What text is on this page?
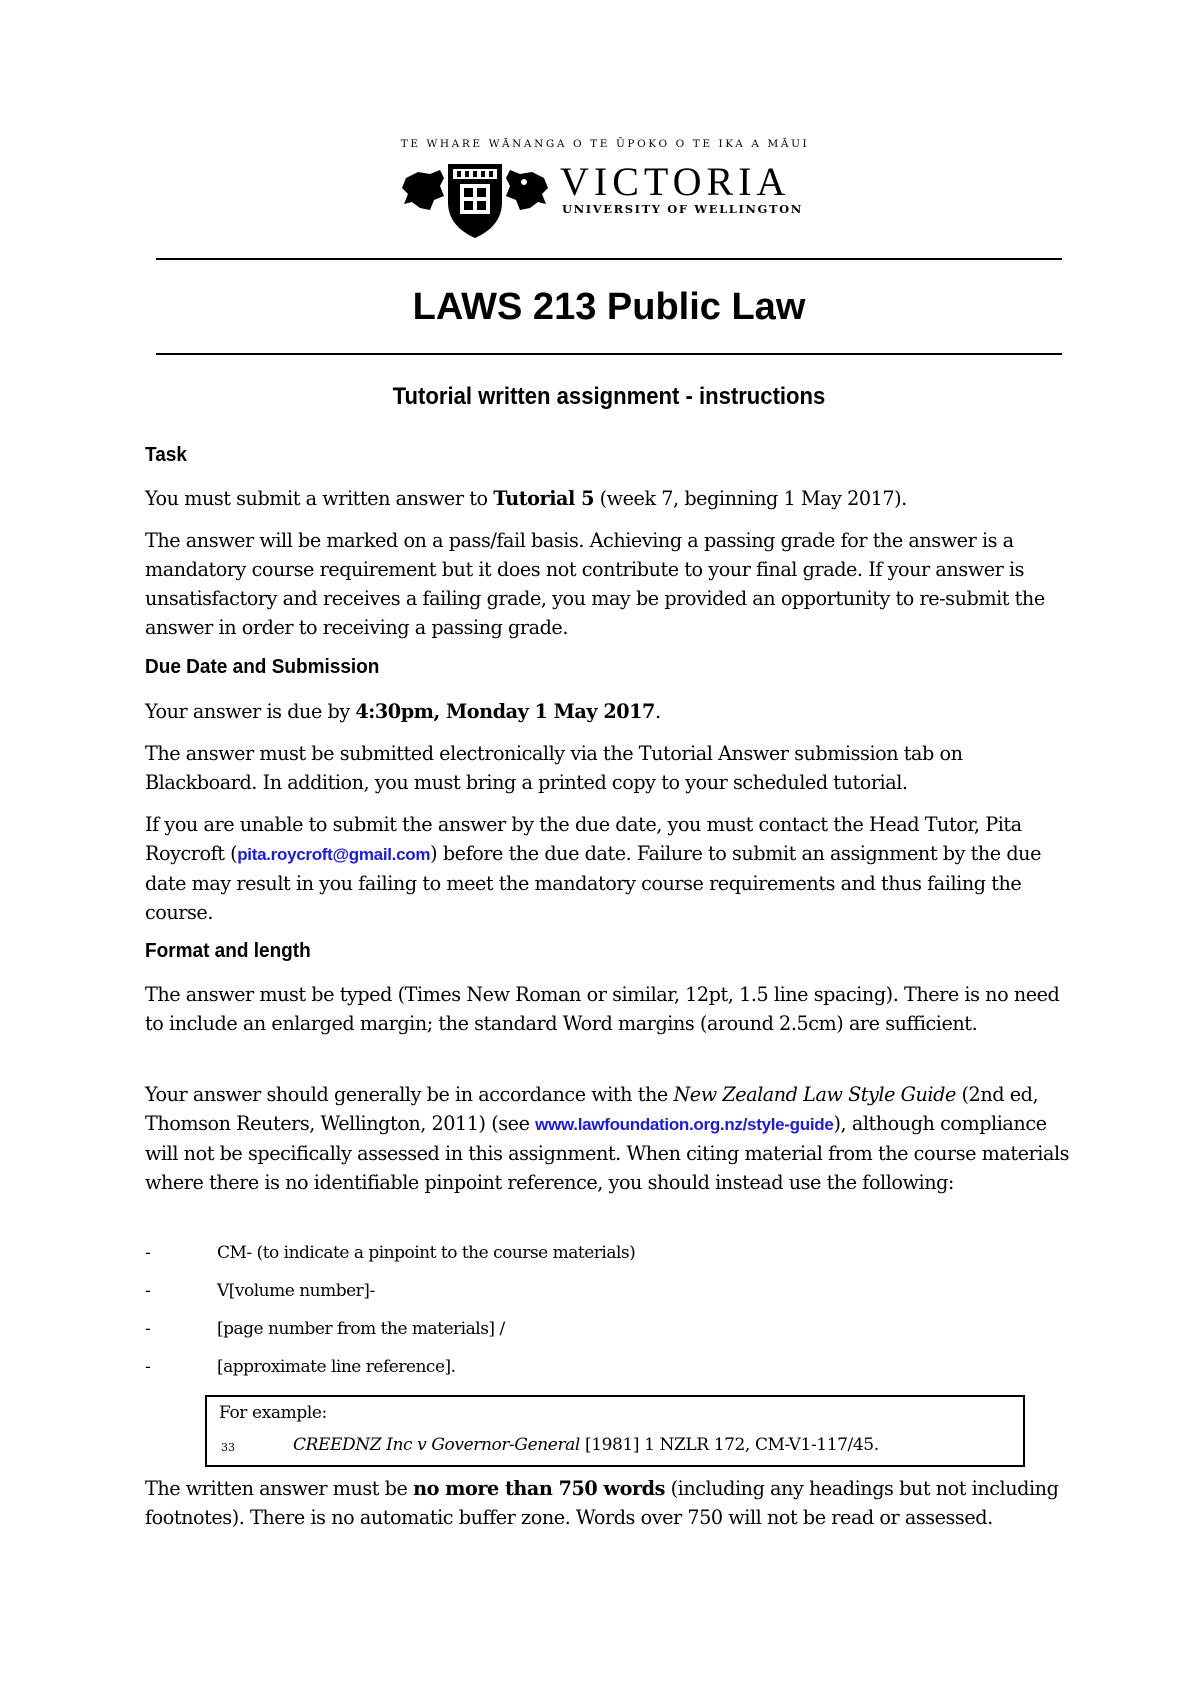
TE WHARE WĀNANGA O TE ŪPOKO O TE IKA A MĀUI
VICTORIA
UNIVERSITY OF WELLINGTON
LAWS 213 Public Law
Tutorial written assignment - instructions
Task

You must submit a written answer to Tutorial 5 (week 7, beginning 1 May 2017).

The answer will be marked on a pass/fail basis. Achieving a passing grade for the answer is a mandatory course requirement but it does not contribute to your final grade. If your answer is unsatisfactory and receives a failing grade, you may be provided an opportunity to re-submit the answer in order to receiving a passing grade.
Due Date and Submission

Your answer is due by 4:30pm, Monday 1 May 2017.

The answer must be submitted electronically via the Tutorial Answer submission tab on Blackboard. In addition, you must bring a printed copy to your scheduled tutorial.

If you are unable to submit the answer by the due date, you must contact the Head Tutor, Pita Roycroft (pita.roycroft@gmail.com) before the due date. Failure to submit an assignment by the due date may result in you failing to meet the mandatory course requirements and thus failing the course.

Format and length
The answer must be typed (Times New Roman or similar, 12pt, 1.5 line spacing). There is no need to include an enlarged margin; the standard Word margins (around 2.5cm) are sufficient.

Your answer should generally be in accordance with the New Zealand Law Style Guide (2nd ed, Thomson Reuters, Wellington, 2011) (see www.lawfoundation.org.nz/style-guide), although compliance will not be specifically assessed in this assignment. When citing material from the course materials where there is no identifiable pinpoint reference, you should instead use the following:

-	CM- (to indicate a pinpoint to the course materials)
-	V[volume number]-
-	[page number from the materials] /
-	[approximate line reference].
For example:
33	CREEDNZ Inc v Governor-General [1981] 1 NZLR 172, CM-V1-117/45.

The written answer must be no more than 750 words (including any headings but not including footnotes). There is no automatic buffer zone. Words over 750 will not be read or assessed.
